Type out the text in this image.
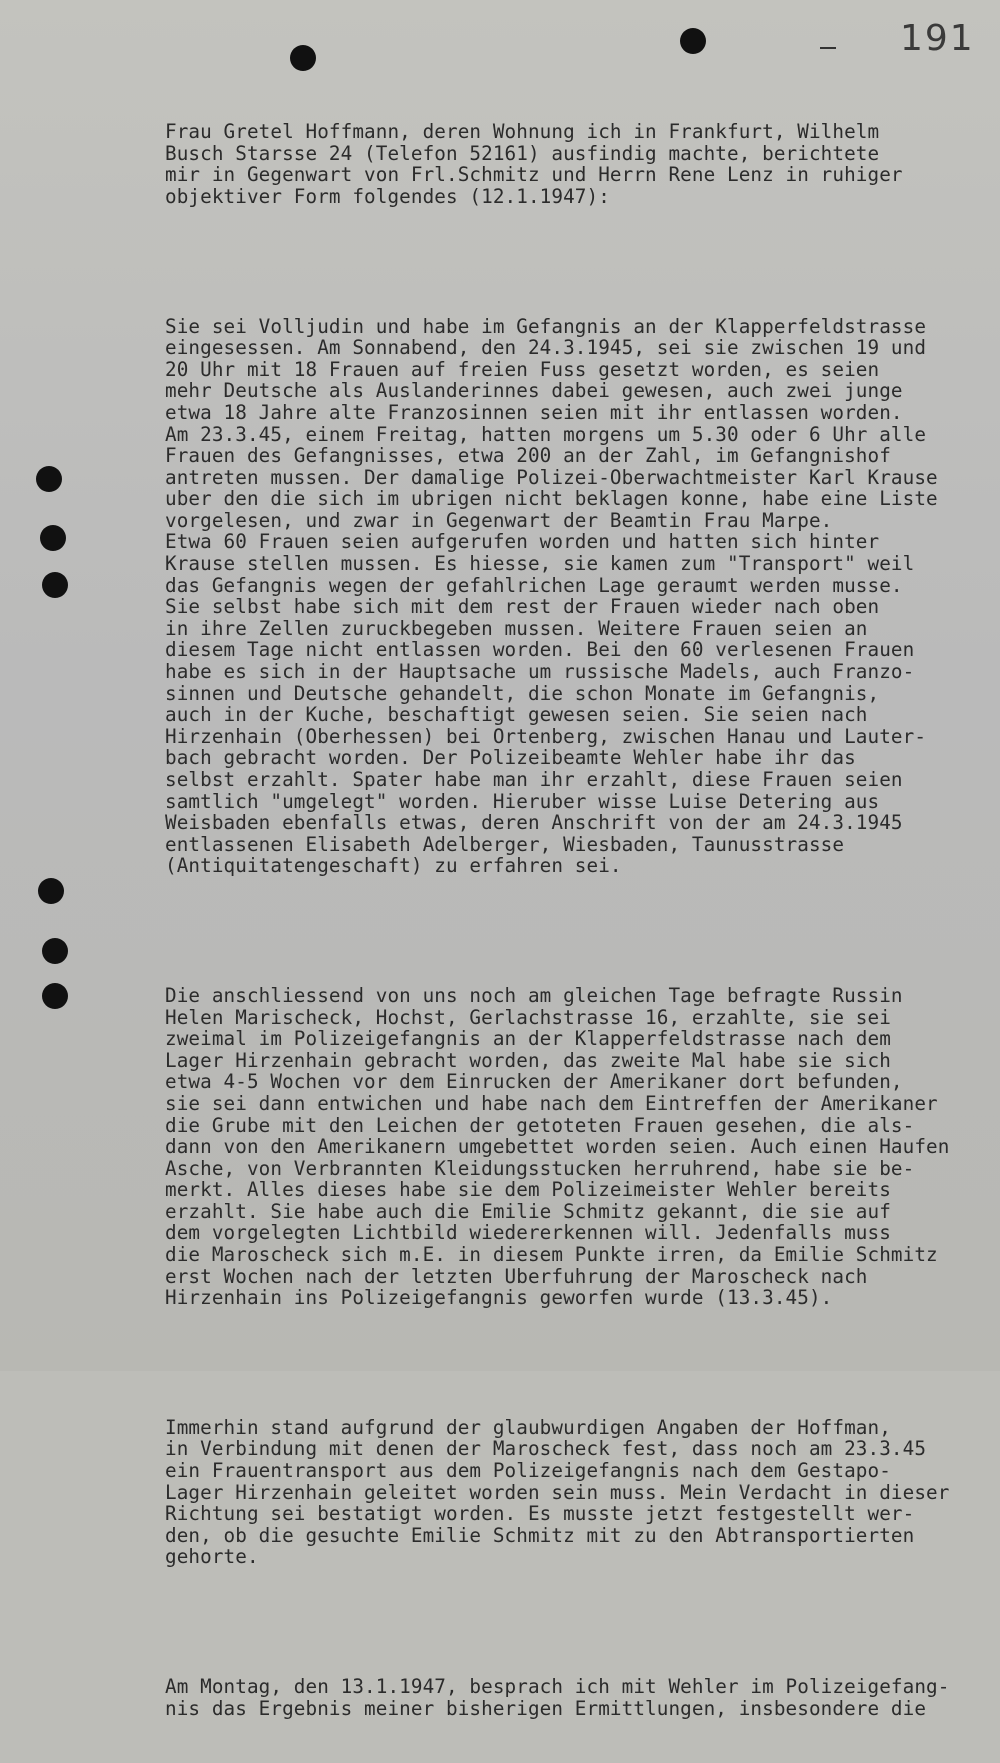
191

Frau Gretel Hoffmann, deren Wohnung ich in Frankfurt, Wilhelm
Busch Starsse 24 (Telefon 52161) ausfindig machte, berichtete
mir in Gegenwart von Frl.Schmitz und Herrn Rene Lenz in ruhiger
objektiver Form folgendes (12.1.1947):

Sie sei Volljudin und habe im Gefangnis an der Klapperfeldstrasse
eingesessen. Am Sonnabend, den 24.3.1945, sei sie zwischen 19 und
20 Uhr mit 18 Frauen auf freien Fuss gesetzt worden, es seien
mehr Deutsche als Auslanderinnes dabei gewesen, auch zwei junge
etwa 18 Jahre alte Franzosinnen seien mit ihr entlassen worden.
Am 23.3.45, einem Freitag, hatten morgens um 5.30 oder 6 Uhr alle
Frauen des Gefangnisses, etwa 200 an der Zahl, im Gefangnishof
antreten mussen. Der damalige Polizei-Oberwachtmeister Karl Krause
uber den die sich im ubrigen nicht beklagen konne, habe eine Liste
vorgelesen, und zwar in Gegenwart der Beamtin Frau Marpe.
Etwa 60 Frauen seien aufgerufen worden und hatten sich hinter
Krause stellen mussen. Es hiesse, sie kamen zum "Transport" weil
das Gefangnis wegen der gefahlrichen Lage geraumt werden musse.
Sie selbst habe sich mit dem rest der Frauen wieder nach oben
in ihre Zellen zuruckbegeben mussen. Weitere Frauen seien an
diesem Tage nicht entlassen worden. Bei den 60 verlesenen Frauen
habe es sich in der Hauptsache um russische Madels, auch Franzo-
sinnen und Deutsche gehandelt, die schon Monate im Gefangnis,
auch in der Kuche, beschaftigt gewesen seien. Sie seien nach
Hirzenhain (Oberhessen) bei Ortenberg, zwischen Hanau und Lauter-
bach gebracht worden. Der Polizeibeamte Wehler habe ihr das
selbst erzahlt. Spater habe man ihr erzahlt, diese Frauen seien
samtlich "umgelegt" worden. Hieruber wisse Luise Detering aus
Weisbaden ebenfalls etwas, deren Anschrift von der am 24.3.1945
entlassenen Elisabeth Adelberger, Wiesbaden, Taunusstrasse
(Antiquitatengeschaft) zu erfahren sei.

Die anschliessend von uns noch am gleichen Tage befragte Russin
Helen Marischeck, Hochst, Gerlachstrasse 16, erzahlte, sie sei
zweimal im Polizeigefangnis an der Klapperfeldstrasse nach dem
Lager Hirzenhain gebracht worden, das zweite Mal habe sie sich
etwa 4-5 Wochen vor dem Einrucken der Amerikaner dort befunden,
sie sei dann entwichen und habe nach dem Eintreffen der Amerikaner
die Grube mit den Leichen der getoteten Frauen gesehen, die als-
dann von den Amerikanern umgebettet worden seien. Auch einen Haufen
Asche, von Verbrannten Kleidungsstucken herruhrend, habe sie be-
merkt. Alles dieses habe sie dem Polizeimeister Wehler bereits
erzahlt. Sie habe auch die Emilie Schmitz gekannt, die sie auf
dem vorgelegten Lichtbild wiedererkennen will. Jedenfalls muss
die Maroscheck sich m.E. in diesem Punkte irren, da Emilie Schmitz
erst Wochen nach der letzten Uberfuhrung der Maroscheck nach
Hirzenhain ins Polizeigefangnis geworfen wurde (13.3.45).

Immerhin stand aufgrund der glaubwurdigen Angaben der Hoffman,
in Verbindung mit denen der Maroscheck fest, dass noch am 23.3.45
ein Frauentransport aus dem Polizeigefangnis nach dem Gestapo-
Lager Hirzenhain geleitet worden sein muss. Mein Verdacht in dieser
Richtung sei bestatigt worden. Es musste jetzt festgestellt wer-
den, ob die gesuchte Emilie Schmitz mit zu den Abtransportierten
gehorte.

Am Montag, den 13.1.1947, besprach ich mit Wehler im Polizeigefang-
nis das Ergebnis meiner bisherigen Ermittlungen, insbesondere die
